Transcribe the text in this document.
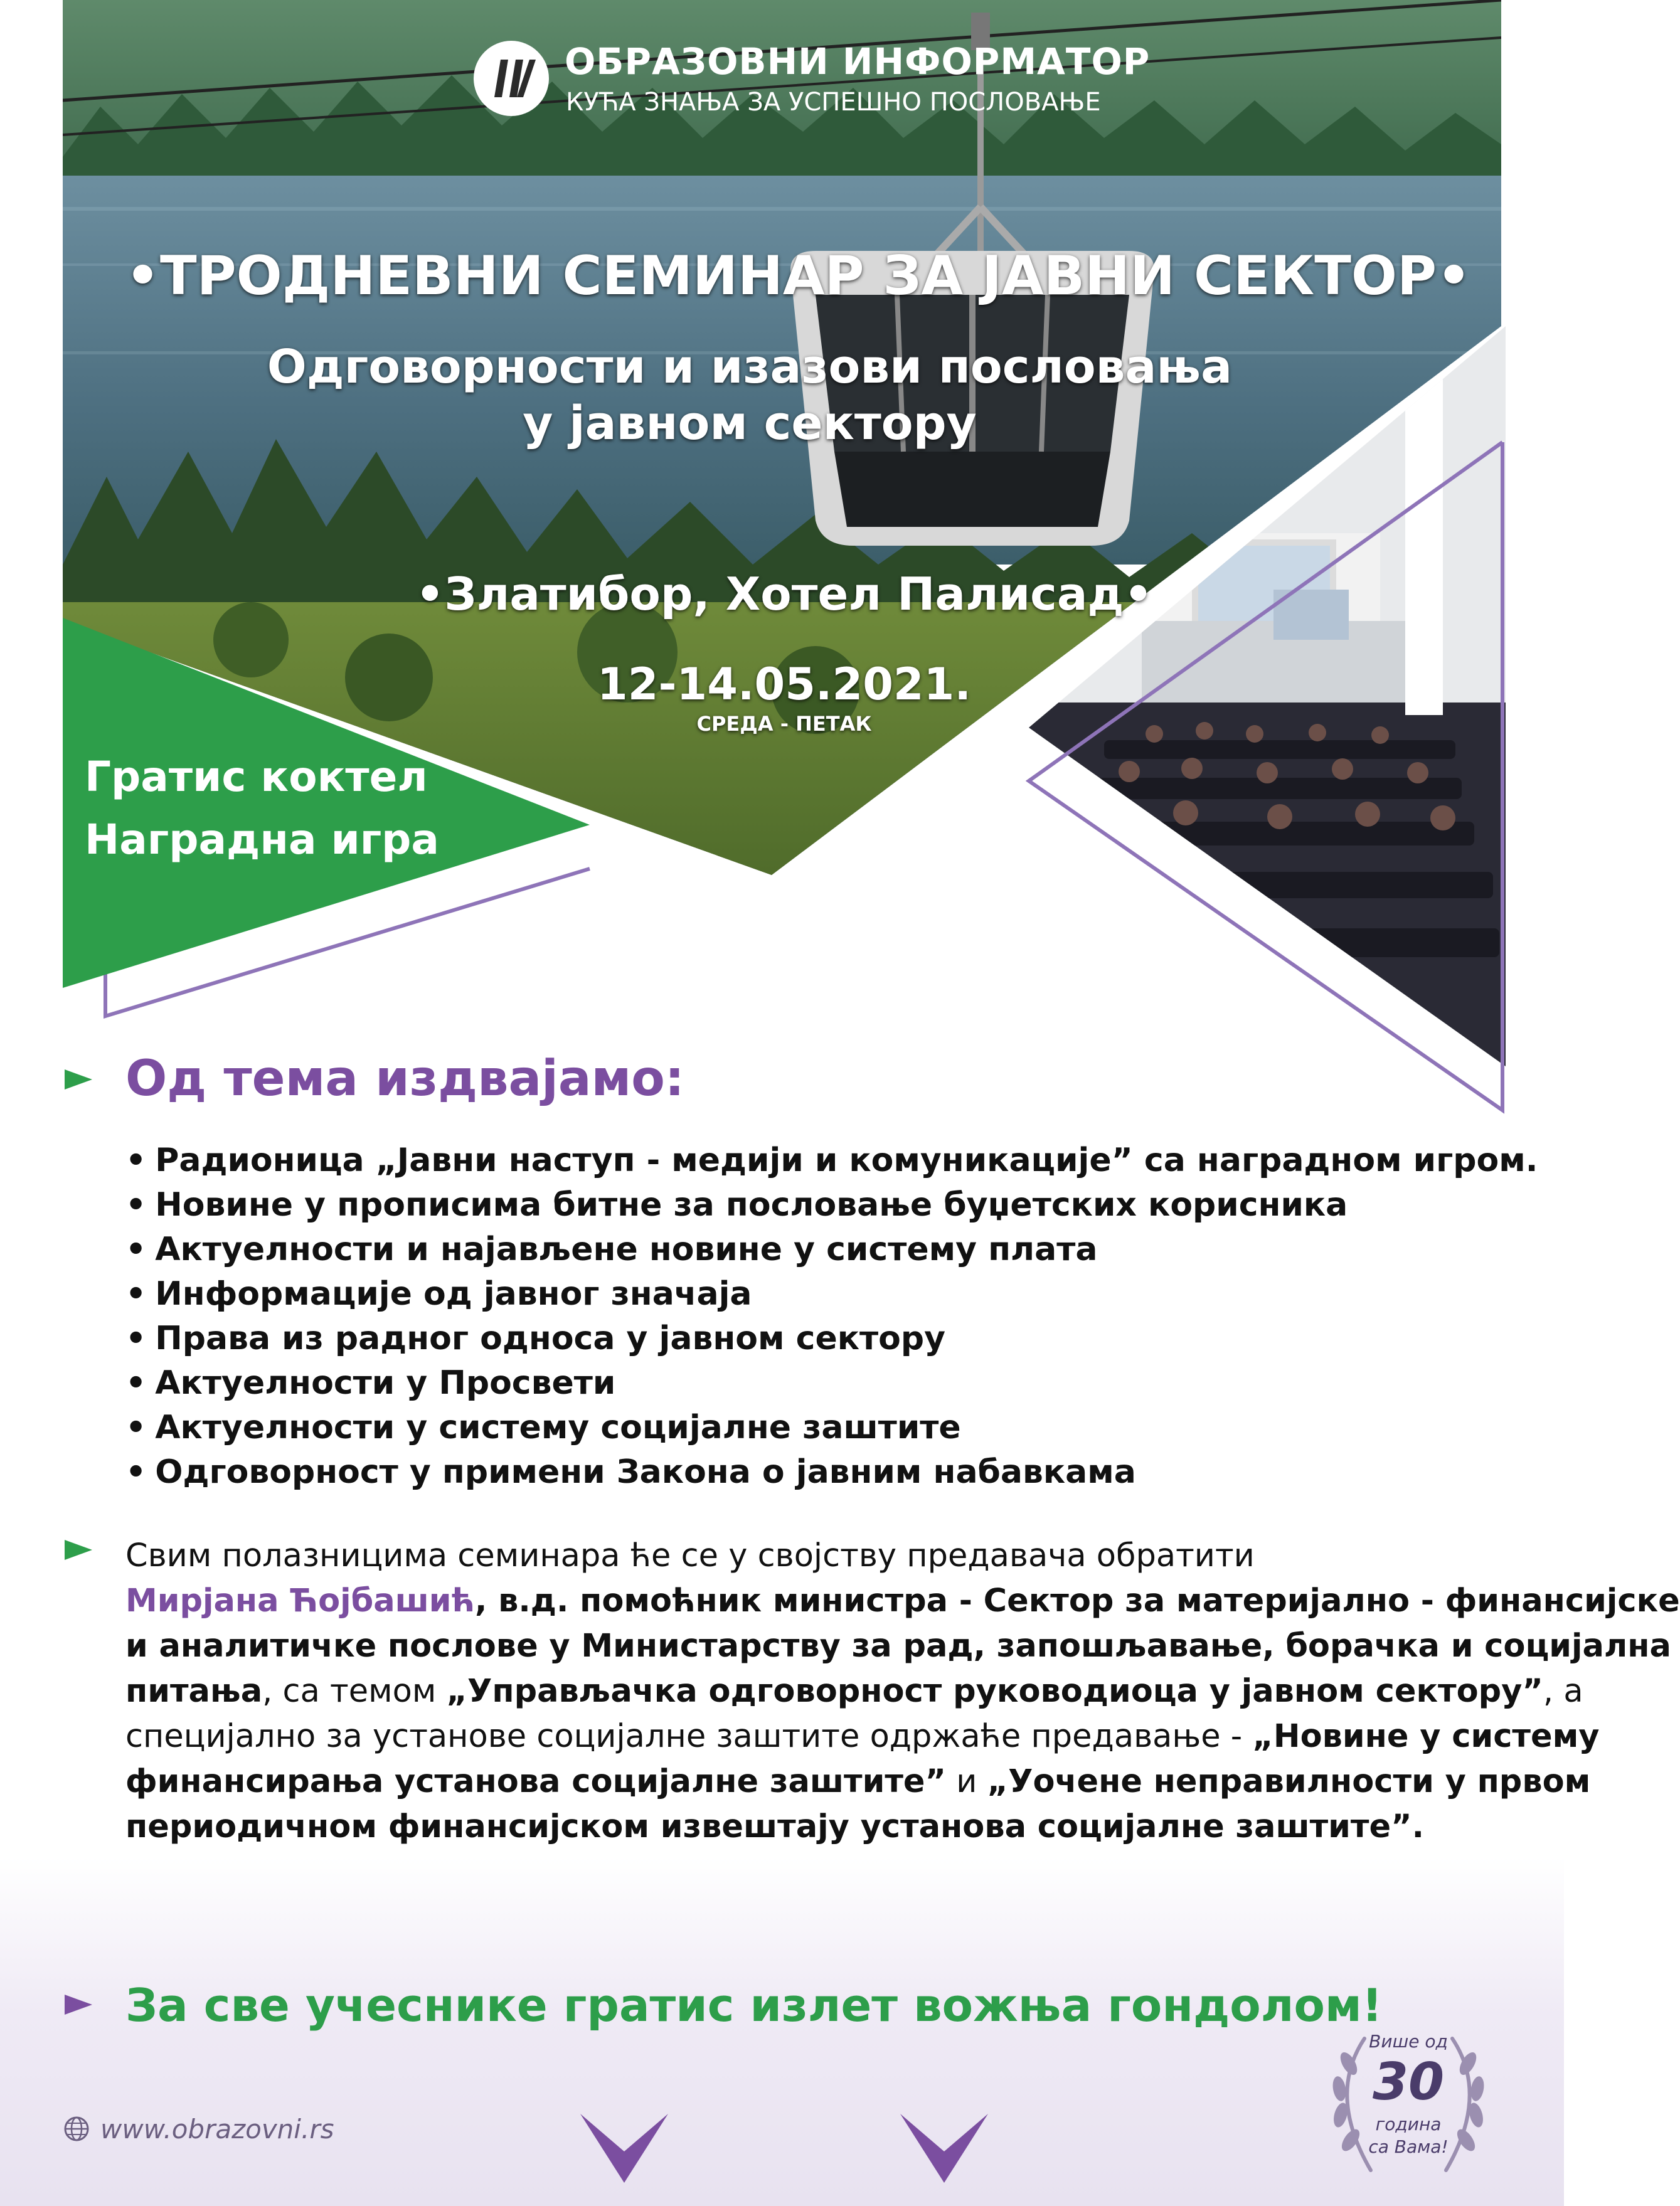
ОБРАЗОВНИ ИНФОРМАТОР
КУЋА ЗНАЊА ЗА УСПЕШНО ПОСЛОВАЊЕ
•ТРОДНЕВНИ СЕМИНАР ЗА ЈАВНИ СЕКТОР•
Одговорности и изазови пословања
у јавном сектору
•Златибор, Хотел Палисад•
12-14.05.2021.
СРЕДА - ПЕТАК
Гратис коктел
Наградна игра
Од тема издвајамо:
• Радионица „Јавни наступ - медији и комуникације” са наградном игром.
• Новине у прописима битне за пословање буџетских корисника
• Актуелности и најављене новине у систему плата
• Информације од јавног значаја
• Права из радног односа у јавном сектору
• Актуелности у Просвети
• Актуелности у систему социјалне заштите
• Одговорност у примени Закона о јавним набавкама
Свим полазницима семинара ће се у својству предавача обратити
Мирјана Ћојбашић, в.д. помоћник министра - Сектор за материјално - финансијске
и аналитичке послове у Министарству за рад, запошљавање, борачка и социјална
питања, са темом „Управљачка одговорност руководиоца у јавном сектору”, а
специјално за установе социјалне заштите одржаће предавање - „Новине у систему
финансирања установа социјалне заштите” и „Уочене неправилности у првом
периодичном финансијском извештају установа социјалне заштите”.
За све учеснике гратис излет вожња гондолом!
www.obrazovni.rs
Више од
30
година
са Вама!
